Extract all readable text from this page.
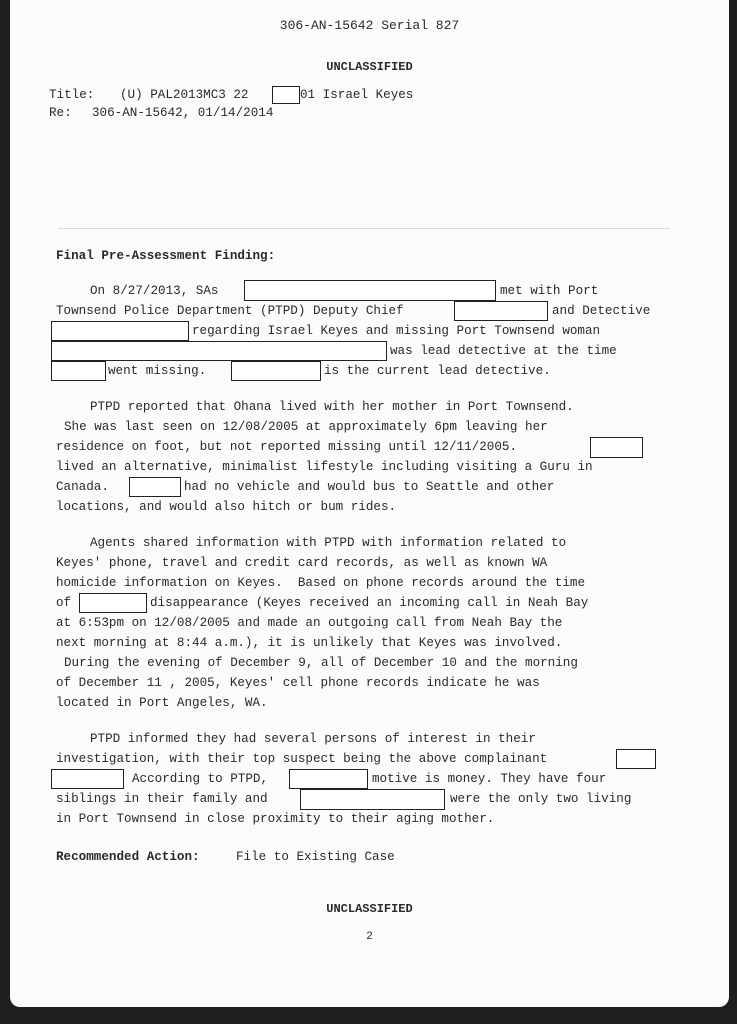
306-AN-15642 Serial 827
UNCLASSIFIED
Title: (U) PAL2013MC3 22	01 Israel Keyes
Re: 306-AN-15642, 01/14/2014
Final Pre-Assessment Finding:
On 8/27/2013, SAs	met with Port
Townsend Police Department (PTPD) Deputy Chief	and Detective
regarding Israel Keyes and missing Port Townsend woman
was lead detective at the time
went missing.	is the current lead detective.
PTPD reported that Ohana lived with her mother in Port Townsend.
She was last seen on 12/08/2005 at approximately 6pm leaving her
residence on foot, but not reported missing until 12/11/2005.
lived an alternative, minimalist lifestyle including visiting a Guru in
Canada.	had no vehicle and would bus to Seattle and other
locations, and would also hitch or bum rides.
Agents shared information with PTPD with information related to
Keyes' phone, travel and credit card records, as well as known WA
homicide information on Keyes.  Based on phone records around the time
of	disappearance (Keyes received an incoming call in Neah Bay
at 6:53pm on 12/08/2005 and made an outgoing call from Neah Bay the
next morning at 8:44 a.m.), it is unlikely that Keyes was involved.
During the evening of December 9, all of December 10 and the morning
of December 11 , 2005, Keyes' cell phone records indicate he was
located in Port Angeles, WA.
PTPD informed they had several persons of interest in their
investigation, with their top suspect being the above complainant
According to PTPD,	motive is money. They have four
siblings in their family and	were the only two living
in Port Townsend in close proximity to their aging mother.
Recommended Action:	File to Existing Case
UNCLASSIFIED
2
